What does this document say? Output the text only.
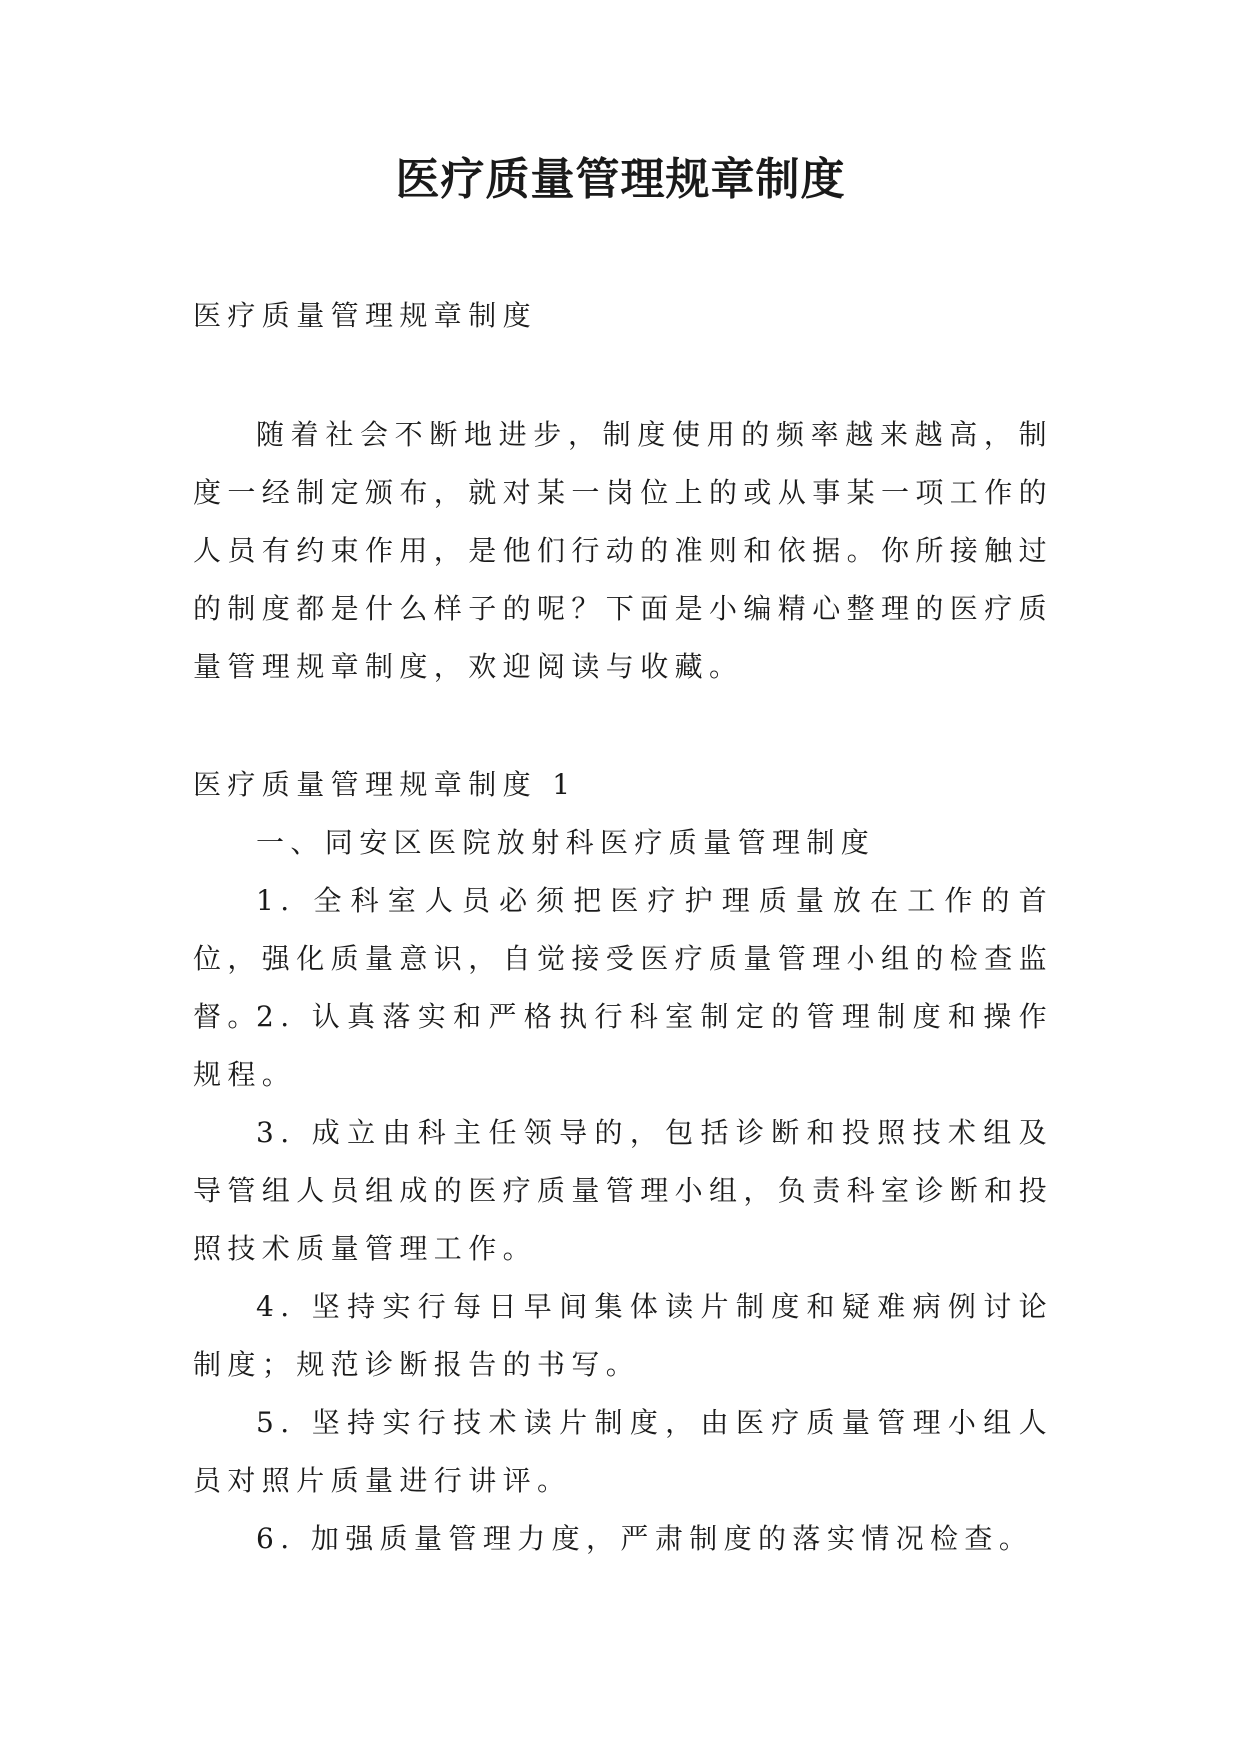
医疗质量管理规章制度

医疗质量管理规章制度

随着社会不断地进步，制度使用的频率越来越高，制度一经制定颁布，就对某一岗位上的或从事某一项工作的人员有约束作用，是他们行动的准则和依据。你所接触过的制度都是什么样子的呢？下面是小编精心整理的医疗质量管理规章制度，欢迎阅读与收藏。

医疗质量管理规章制度 1

一、同安区医院放射科医疗质量管理制度

1. 全科室人员必须把医疗护理质量放在工作的首位，强化质量意识，自觉接受医疗质量管理小组的检查监督。

2. 认真落实和严格执行科室制定的管理制度和操作规程。

3. 成立由科主任领导的，包括诊断和投照技术组及导管组人员组成的医疗质量管理小组，负责科室诊断和投照技术质量管理工作。

4. 坚持实行每日早间集体读片制度和疑难病例讨论制度；规范诊断报告的书写。

5. 坚持实行技术读片制度，由医疗质量管理小组人员对照片质量进行讲评。

6. 加强质量管理力度，严肃制度的落实情况检查。
